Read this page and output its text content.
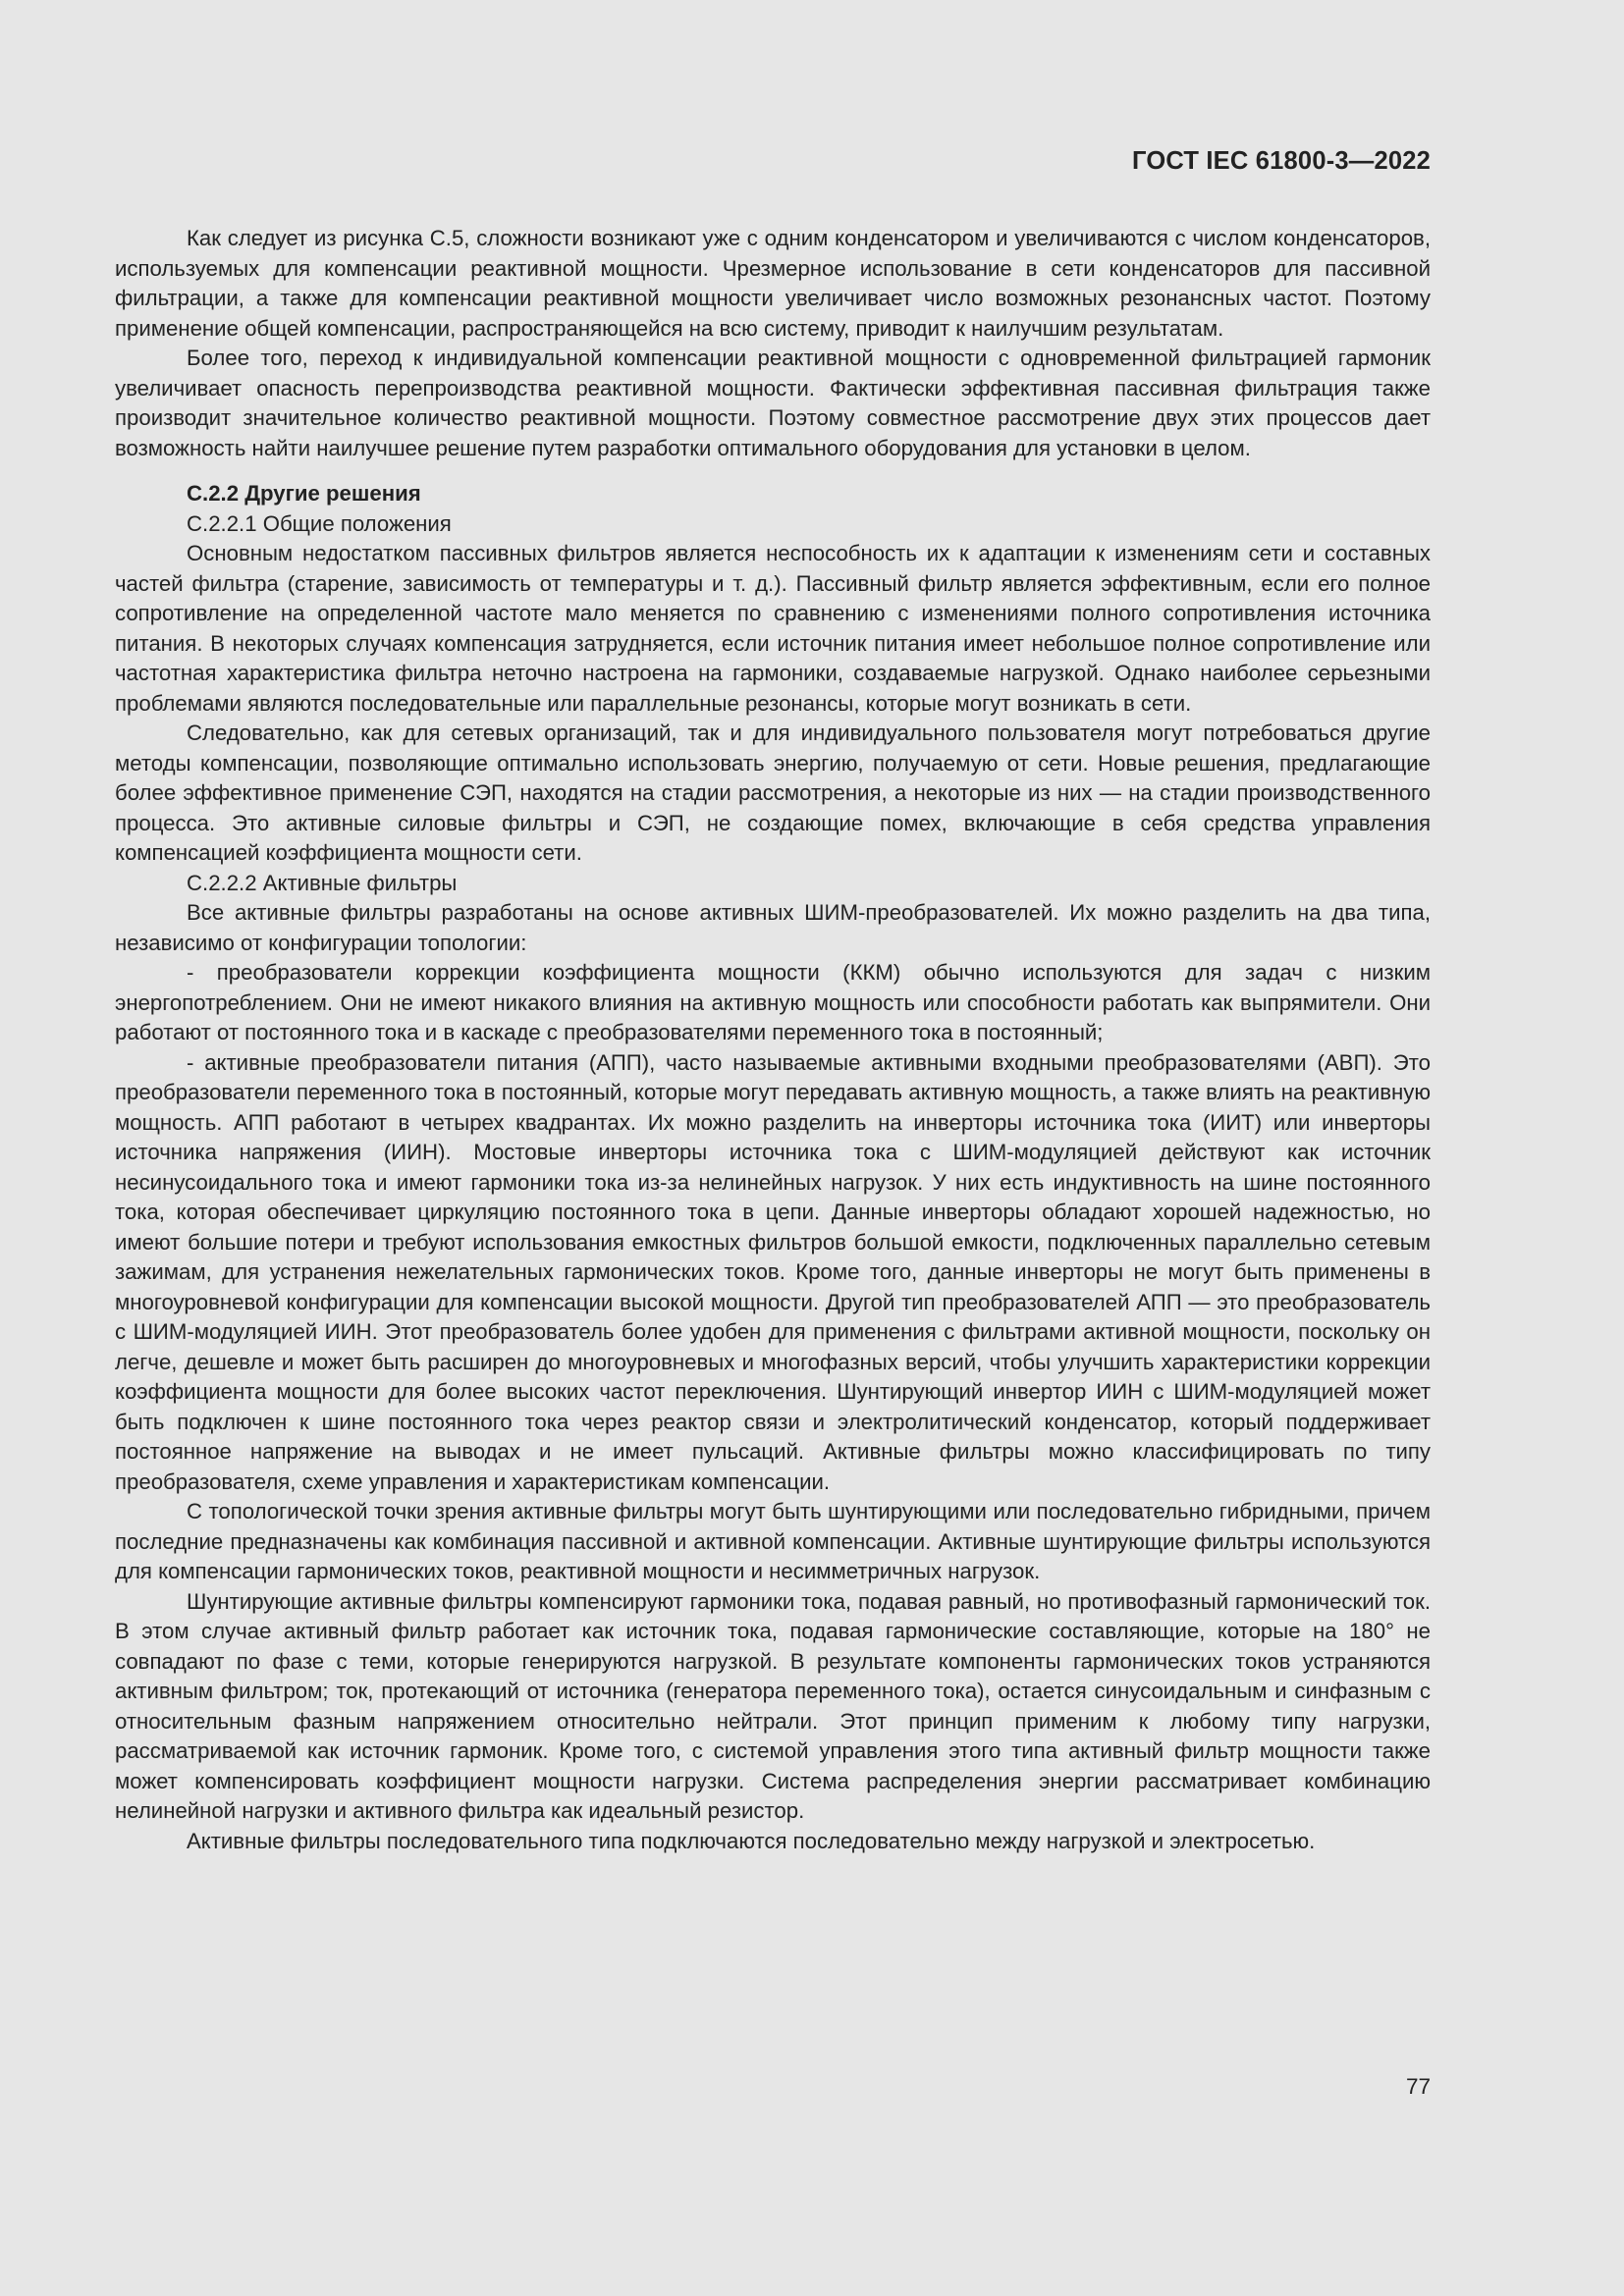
ГОСТ IEC 61800-3—2022

Как следует из рисунка С.5, сложности возникают уже с одним конденсатором и увеличиваются с числом конденсаторов, используемых для компенсации реактивной мощности. Чрезмерное использование в сети конденсаторов для пассивной фильтрации, а также для компенсации реактивной мощности увеличивает число возможных резонансных частот. Поэтому применение общей компенсации, распространяющейся на всю систему, приводит к наилучшим результатам.

Более того, переход к индивидуальной компенсации реактивной мощности с одновременной фильтрацией гармоник увеличивает опасность перепроизводства реактивной мощности. Фактически эффективная пассивная фильтрация также производит значительное количество реактивной мощности. Поэтому совместное рассмотрение двух этих процессов дает возможность найти наилучшее решение путем разработки оптимального оборудования для установки в целом.

С.2.2 Другие решения

С.2.2.1 Общие положения

Основным недостатком пассивных фильтров является неспособность их к адаптации к изменениям сети и составных частей фильтра (старение, зависимость от температуры и т. д.). Пассивный фильтр является эффективным, если его полное сопротивление на определенной частоте мало меняется по сравнению с изменениями полного сопротивления источника питания. В некоторых случаях компенсация затрудняется, если источник питания имеет небольшое полное сопротивление или частотная характеристика фильтра неточно настроена на гармоники, создаваемые нагрузкой. Однако наиболее серьезными проблемами являются последовательные или параллельные резонансы, которые могут возникать в сети.

Следовательно, как для сетевых организаций, так и для индивидуального пользователя могут потребоваться другие методы компенсации, позволяющие оптимально использовать энергию, получаемую от сети. Новые решения, предлагающие более эффективное применение СЭП, находятся на стадии рассмотрения, а некоторые из них — на стадии производственного процесса. Это активные силовые фильтры и СЭП, не создающие помех, включающие в себя средства управления компенсацией коэффициента мощности сети.

С.2.2.2 Активные фильтры

Все активные фильтры разработаны на основе активных ШИМ-преобразователей. Их можно разделить на два типа, независимо от конфигурации топологии:

- преобразователи коррекции коэффициента мощности (ККМ) обычно используются для задач с низким энергопотреблением. Они не имеют никакого влияния на активную мощность или способности работать как выпрямители. Они работают от постоянного тока и в каскаде с преобразователями переменного тока в постоянный;

- активные преобразователи питания (АПП), часто называемые активными входными преобразователями (АВП). Это преобразователи переменного тока в постоянный, которые могут передавать активную мощность, а также влиять на реактивную мощность. АПП работают в четырех квадрантах. Их можно разделить на инверторы источника тока (ИИТ) или инверторы источника напряжения (ИИН). Мостовые инверторы источника тока с ШИМ-модуляцией действуют как источник несинусоидального тока и имеют гармоники тока из-за нелинейных нагрузок. У них есть индуктивность на шине постоянного тока, которая обеспечивает циркуляцию постоянного тока в цепи. Данные инверторы обладают хорошей надежностью, но имеют большие потери и требуют использования емкостных фильтров большой емкости, подключенных параллельно сетевым зажимам, для устранения нежелательных гармонических токов. Кроме того, данные инверторы не могут быть применены в многоуровневой конфигурации для компенсации высокой мощности. Другой тип преобразователей АПП — это преобразователь с ШИМ-модуляцией ИИН. Этот преобразователь более удобен для применения с фильтрами активной мощности, поскольку он легче, дешевле и может быть расширен до многоуровневых и многофазных версий, чтобы улучшить характеристики коррекции коэффициента мощности для более высоких частот переключения. Шунтирующий инвертор ИИН с ШИМ-модуляцией может быть подключен к шине постоянного тока через реактор связи и электролитический конденсатор, который поддерживает постоянное напряжение на выводах и не имеет пульсаций. Активные фильтры можно классифицировать по типу преобразователя, схеме управления и характеристикам компенсации.

С топологической точки зрения активные фильтры могут быть шунтирующими или последовательно гибридными, причем последние предназначены как комбинация пассивной и активной компенсации. Активные шунтирующие фильтры используются для компенсации гармонических токов, реактивной мощности и несимметричных нагрузок.

Шунтирующие активные фильтры компенсируют гармоники тока, подавая равный, но противофазный гармонический ток. В этом случае активный фильтр работает как источник тока, подавая гармонические составляющие, которые на 180° не совпадают по фазе с теми, которые генерируются нагрузкой. В результате компоненты гармонических токов устраняются активным фильтром; ток, протекающий от источника (генератора переменного тока), остается синусоидальным и синфазным с относительным фазным напряжением относительно нейтрали. Этот принцип применим к любому типу нагрузки, рассматриваемой как источник гармоник. Кроме того, с системой управления этого типа активный фильтр мощности также может компенсировать коэффициент мощности нагрузки. Система распределения энергии рассматривает комбинацию нелинейной нагрузки и активного фильтра как идеальный резистор.

Активные фильтры последовательного типа подключаются последовательно между нагрузкой и электросетью.

77
